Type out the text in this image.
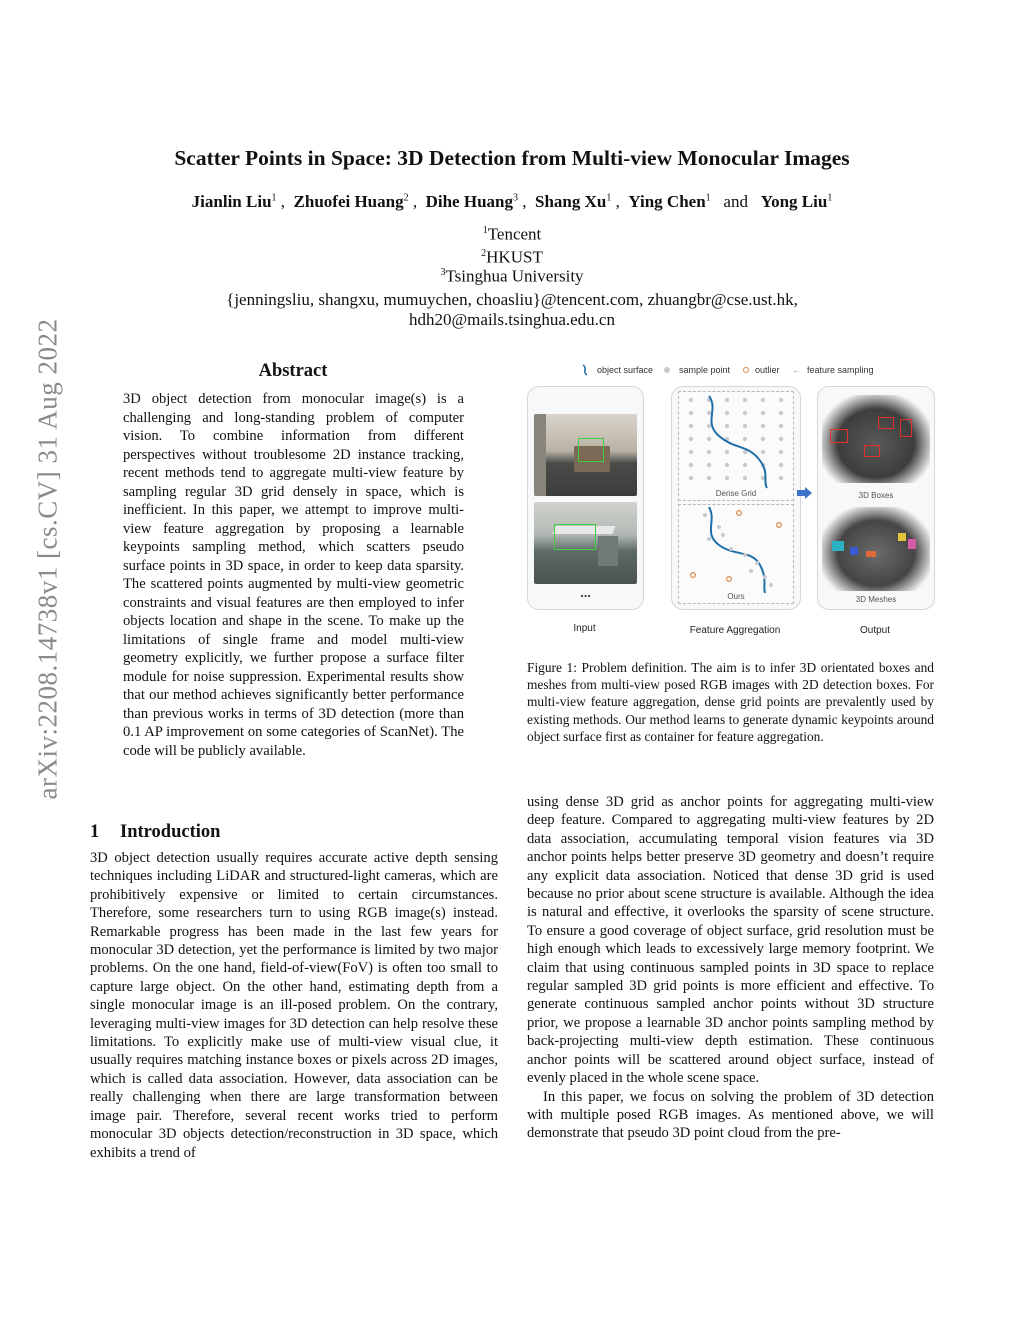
arXiv:2208.14738v1 [cs.CV] 31 Aug 2022
Scatter Points in Space: 3D Detection from Multi-view Monocular Images
Jianlin Liu$^1$ ,  Zhuofei Huang$^2$ ,  Dihe Huang$^3$ ,  Shang Xu$^1$ ,  Ying Chen$^1$ and Yong Liu$^1$
$^1$Tencent
$^2$HKUST
$^3$Tsinghua University
{jenningsliu, shangxu, mumuychen, choasliu}@tencent.com, zhuangbr@cse.ust.hk,
hdh20@mails.tsinghua.edu.cn
Abstract
3D object detection from monocular image(s) is a challenging and long-standing problem of computer vision. To combine information from different perspectives without troublesome 2D instance tracking, recent methods tend to aggregate multi-view feature by sampling regular 3D grid densely in space, which is inefficient. In this paper, we attempt to improve multi-view feature aggregation by proposing a learnable keypoints sampling method, which scatters pseudo surface points in 3D space, in order to keep data sparsity. The scattered points augmented by multi-view geometric constraints and visual features are then employed to infer objects location and shape in the scene. To make up the limitations of single frame and model multi-view geometry explicitly, we further propose a surface filter module for noise suppression. Experimental results show that our method achieves significantly better performance than previous works in terms of 3D detection (more than 0.1 AP improvement on some categories of ScanNet). The code will be publicly available.
1 Introduction

3D object detection usually requires accurate active depth sensing techniques including LiDAR and structured-light cameras, which are prohibitively expensive or limited to certain circumstances. Therefore, some researchers turn to using RGB image(s) instead. Remarkable progress has been made in the last few years for monocular 3D detection, yet the performance is limited by two major problems. On the one hand, field-of-view(FoV) is often too small to capture large object. On the other hand, estimating depth from a single monocular image is an ill-posed problem. On the contrary, leveraging multi-view images for 3D detection can help resolve these limitations. To explicitly make use of multi-view visual clue, it usually requires matching instance boxes or pixels across 2D images, which is called data association. However, data association can be really challenging when there are large transformation between image pair. Therefore, several recent works tried to perform monocular 3D objects detection/reconstruction in 3D space, which exhibits a trend of

using dense 3D grid as anchor points for aggregating multi-view deep feature. Compared to aggregating multi-view features by 2D data association, accumulating temporal vision features via 3D anchor points helps better preserve 3D geometry and doesn’t require any explicit data association. Noticed that dense 3D grid is used because no prior about scene structure is available. Although the idea is natural and effective, it overlooks the sparsity of scene structure. To ensure a good coverage of object surface, grid resolution must be high enough which leads to excessively large memory footprint. We claim that using continuous sampled points in 3D space to replace regular sampled 3D grid points is more efficient and effective. To generate continuous sampled anchor points without 3D structure prior, we propose a learnable 3D anchor points sampling method by back-projecting multi-view depth estimation. These continuous anchor points will be scattered around object surface, instead of evenly placed in the whole scene space.

In this paper, we focus on solving the problem of 3D detection with multiple posed RGB images. As mentioned above, we will demonstrate that pseudo 3D point cloud from the pre-

object surface	sample point	outlier ← feature sampling
...
Dense Grid
Ours
3D Boxes
3D Meshes
Input	Feature Aggregation	Output
Figure 1: Problem definition. The aim is to infer 3D orientated boxes and meshes from multi-view posed RGB images with 2D detection boxes. For multi-view feature aggregation, dense grid points are prevalently used by existing methods. Our method learns to generate dynamic keypoints around object surface first as container for feature aggregation.
